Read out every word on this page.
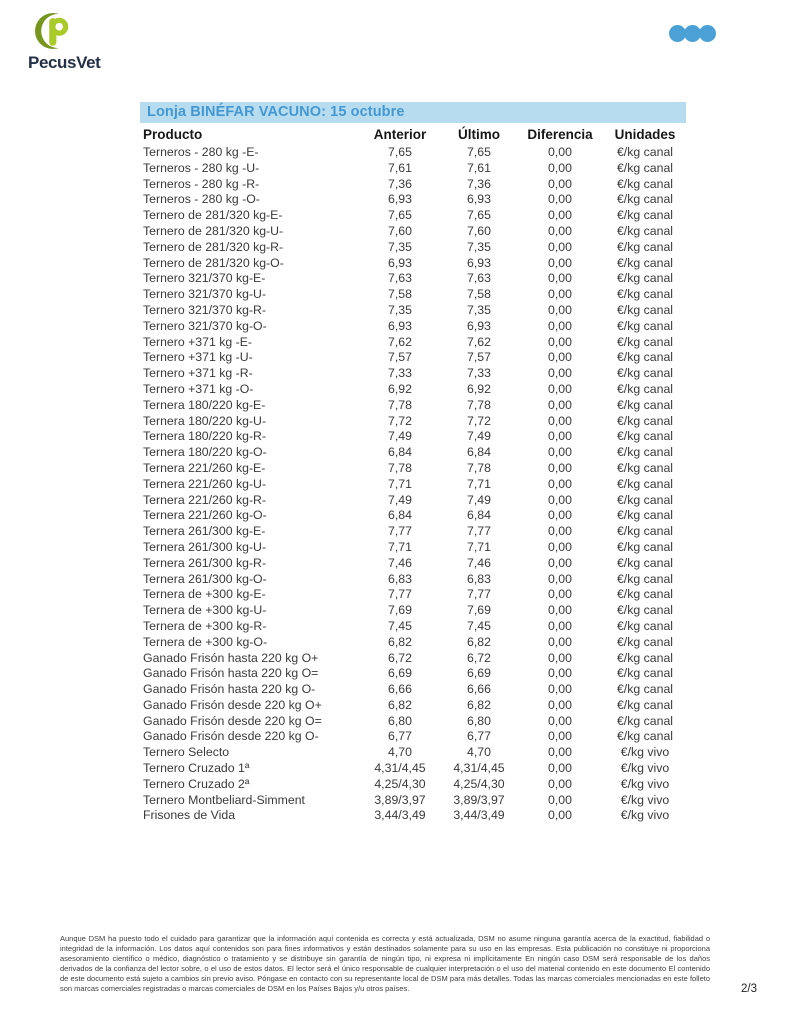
PecusVet
Lonja BINÉFAR VACUNO: 15 octubre
Producto	Anterior	Último	Diferencia	Unidades
Terneros - 280 kg -E-	7,65	7,65	0,00	€/kg canal
Terneros - 280 kg -U-	7,61	7,61	0,00	€/kg canal
Terneros - 280 kg -R-	7,36	7,36	0,00	€/kg canal
Terneros - 280 kg -O-	6,93	6,93	0,00	€/kg canal
Ternero de 281/320 kg-E-	7,65	7,65	0,00	€/kg canal
Ternero de 281/320 kg-U-	7,60	7,60	0,00	€/kg canal
Ternero de 281/320 kg-R-	7,35	7,35	0,00	€/kg canal
Ternero de 281/320 kg-O-	6,93	6,93	0,00	€/kg canal
Ternero 321/370 kg-E-	7,63	7,63	0,00	€/kg canal
Ternero 321/370 kg-U-	7,58	7,58	0,00	€/kg canal
Ternero 321/370 kg-R-	7,35	7,35	0,00	€/kg canal
Ternero 321/370 kg-O-	6,93	6,93	0,00	€/kg canal
Ternero +371 kg -E-	7,62	7,62	0,00	€/kg canal
Ternero +371 kg -U-	7,57	7,57	0,00	€/kg canal
Ternero +371 kg -R-	7,33	7,33	0,00	€/kg canal
Ternero +371 kg -O-	6,92	6,92	0,00	€/kg canal
Ternera 180/220 kg-E-	7,78	7,78	0,00	€/kg canal
Ternera 180/220 kg-U-	7,72	7,72	0,00	€/kg canal
Ternera 180/220 kg-R-	7,49	7,49	0,00	€/kg canal
Ternera 180/220 kg-O-	6,84	6,84	0,00	€/kg canal
Ternera 221/260 kg-E-	7,78	7,78	0,00	€/kg canal
Ternera 221/260 kg-U-	7,71	7,71	0,00	€/kg canal
Ternera 221/260 kg-R-	7,49	7,49	0,00	€/kg canal
Ternera 221/260 kg-O-	6,84	6,84	0,00	€/kg canal
Ternera 261/300 kg-E-	7,77	7,77	0,00	€/kg canal
Ternera 261/300 kg-U-	7,71	7,71	0,00	€/kg canal
Ternera 261/300 kg-R-	7,46	7,46	0,00	€/kg canal
Ternera 261/300 kg-O-	6,83	6,83	0,00	€/kg canal
Ternera de +300 kg-E-	7,77	7,77	0,00	€/kg canal
Ternera de +300 kg-U-	7,69	7,69	0,00	€/kg canal
Ternera de +300 kg-R-	7,45	7,45	0,00	€/kg canal
Ternera de +300 kg-O-	6,82	6,82	0,00	€/kg canal
Ganado Frisón hasta 220 kg O+	6,72	6,72	0,00	€/kg canal
Ganado Frisón hasta 220 kg O=	6,69	6,69	0,00	€/kg canal
Ganado Frisón hasta 220 kg O-	6,66	6,66	0,00	€/kg canal
Ganado Frisón desde 220 kg O+	6,82	6,82	0,00	€/kg canal
Ganado Frisón desde 220 kg O=	6,80	6,80	0,00	€/kg canal
Ganado Frisón desde 220 kg O-	6,77	6,77	0,00	€/kg canal
Ternero Selecto	4,70	4,70	0,00	€/kg vivo
Ternero Cruzado 1ª	4,31/4,45	4,31/4,45	0,00	€/kg vivo
Ternero Cruzado 2ª	4,25/4,30	4,25/4,30	0,00	€/kg vivo
Ternero Montbeliard-Simment	3,89/3,97	3,89/3,97	0,00	€/kg vivo
Frisones de Vida	3,44/3,49	3,44/3,49	0,00	€/kg vivo
Aunque DSM ha puesto todo el cuidado para garantizar que la información aquí contenida es correcta y está actualizada, DSM no asume ninguna garantía acerca de la exactitud, fiabilidad o integridad de la información. Los datos aquí contenidos son para fines informativos y están destinados solamente para su uso en las empresas. Esta publicación no constituye ni proporciona asesoramiento científico o médico, diagnóstico o tratamiento y se distribuye sin garantía de ningún tipo, ni expresa ni implícitamente En ningún caso DSM será responsable de los daños derivados de la confianza del lector sobre, o el uso de estos datos. El lector será el único responsable de cualquier interpretación o el uso del material contenido en este documento El contenido de este documento está sujeto a cambios sin previo aviso. Póngase en contacto con su representante local de DSM para más detalles. Todas las marcas comerciales mencionadas en este folleto son marcas comerciales registradas o marcas comerciales de DSM en los Países Bajos y/u otros países.	2/3
